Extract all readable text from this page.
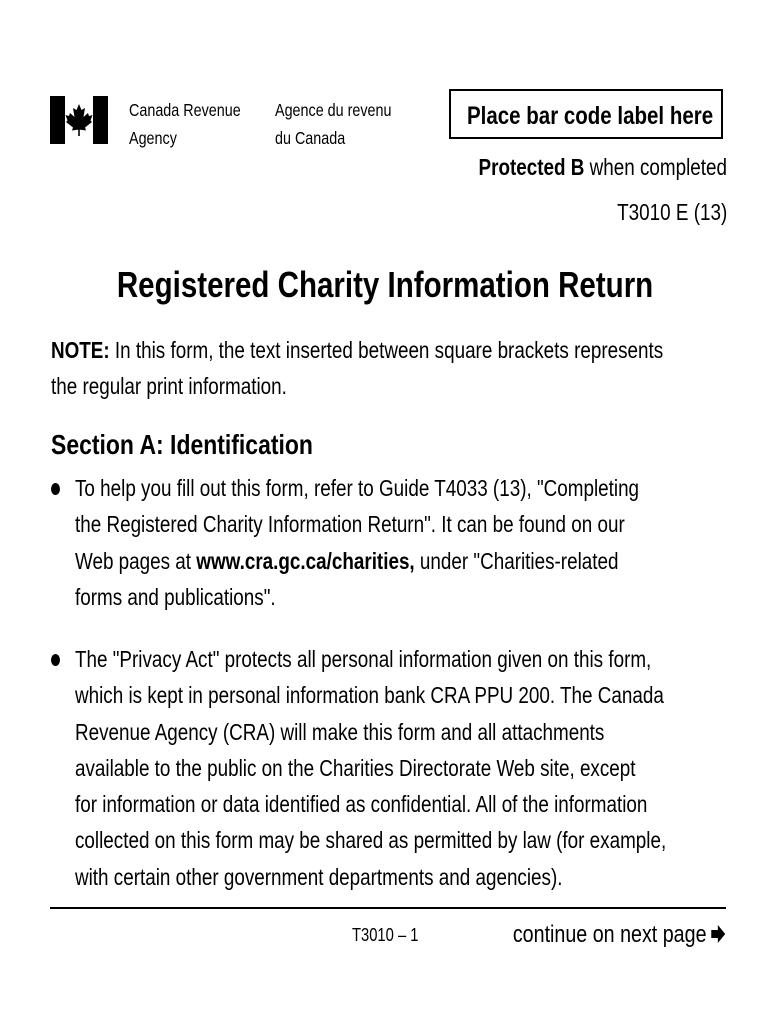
Canada Revenue
Agency
Agence du revenu
du Canada
Place bar code label here
Protected B when completed
T3010 E (13)
Registered Charity Information Return
NOTE: In this form, the text inserted between square brackets represents
the regular print information.
Section A: Identification
To help you fill out this form, refer to Guide T4033 (13), "Completing
the Registered Charity Information Return". It can be found on our
Web pages at www.cra.gc.ca/charities, under "Charities-related
forms and publications".
The "Privacy Act" protects all personal information given on this form,
which is kept in personal information bank CRA PPU 200. The Canada
Revenue Agency (CRA) will make this form and all attachments
available to the public on the Charities Directorate Web site, except
for information or data identified as confidential. All of the information
collected on this form may be shared as permitted by law (for example,
with certain other government departments and agencies).
T3010 – 1	continue on next page
